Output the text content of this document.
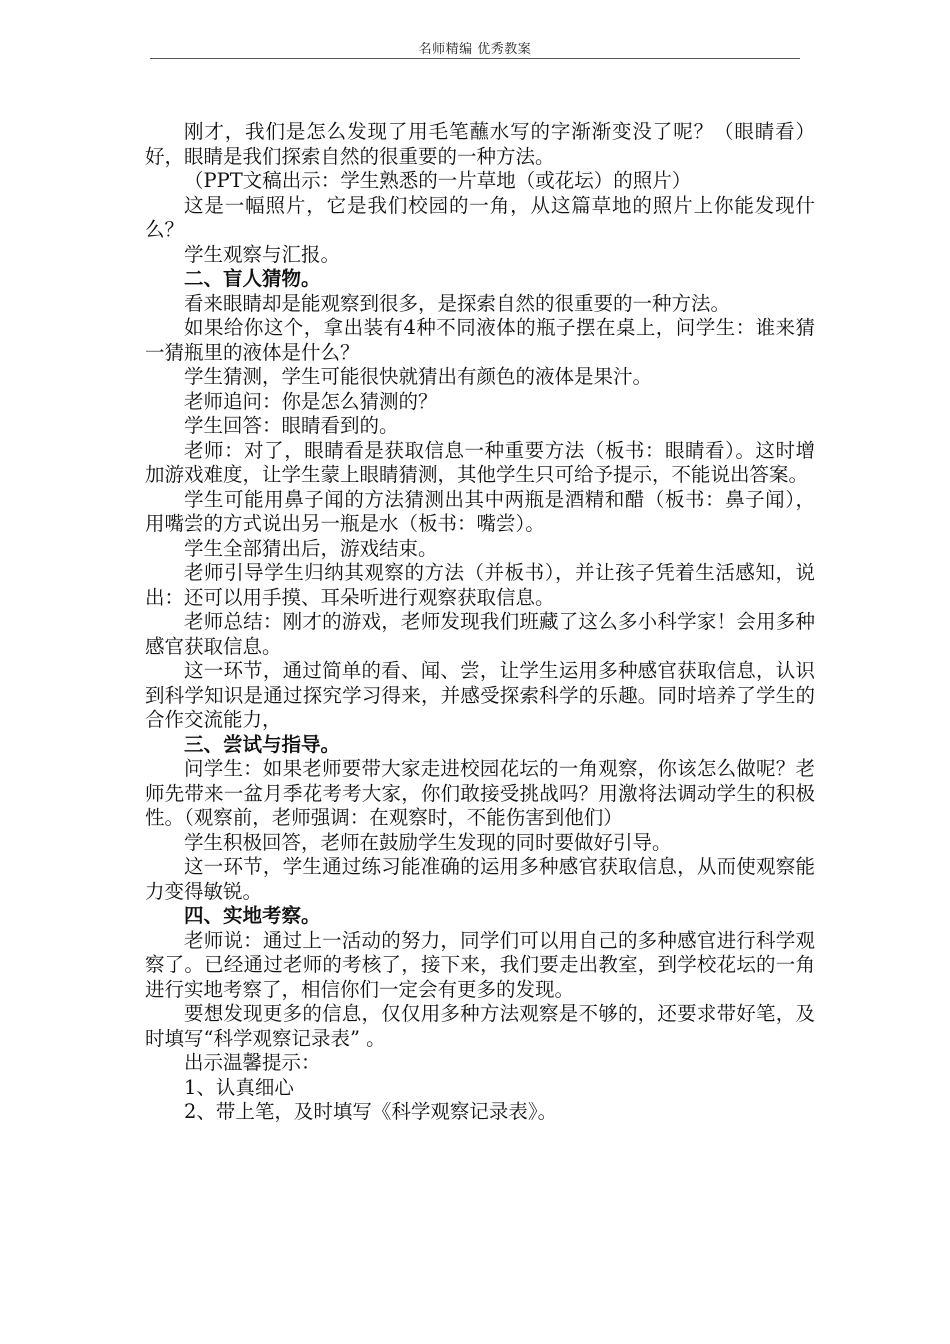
名师精编 优秀教案

刚才，我们是怎么发现了用毛笔蘸水写的字渐渐变没了呢？（眼睛看）好，眼睛是我们探索自然的很重要的一种方法。

（PPT文稿出示：学生熟悉的一片草地（或花坛）的照片）

这是一幅照片，它是我们校园的一角，从这篇草地的照片上你能发现什么？

学生观察与汇报。

二、盲人猜物。

看来眼睛却是能观察到很多，是探索自然的很重要的一种方法。

如果给你这个，拿出装有4种不同液体的瓶子摆在桌上，问学生：谁来猜一猜瓶里的液体是什么？

学生猜测，学生可能很快就猜出有颜色的液体是果汁。

老师追问：你是怎么猜测的？

学生回答：眼睛看到的。

老师：对了，眼睛看是获取信息一种重要方法（板书：眼睛看）。这时增加游戏难度，让学生蒙上眼睛猜测，其他学生只可给予提示，不能说出答案。

学生可能用鼻子闻的方法猜测出其中两瓶是酒精和醋（板书：鼻子闻），用嘴尝的方式说出另一瓶是水（板书：嘴尝）。

学生全部猜出后，游戏结束。

老师引导学生归纳其观察的方法（并板书），并让孩子凭着生活感知，说出：还可以用手摸、耳朵听进行观察获取信息。

老师总结：刚才的游戏，老师发现我们班藏了这么多小科学家！会用多种感官获取信息。

这一环节，通过简单的看、闻、尝，让学生运用多种感官获取信息，认识到科学知识是通过探究学习得来，并感受探索科学的乐趣。同时培养了学生的合作交流能力，

三、尝试与指导。

问学生：如果老师要带大家走进校园花坛的一角观察，你该怎么做呢？老师先带来一盆月季花考考大家，你们敢接受挑战吗？用激将法调动学生的积极性。（观察前，老师强调：在观察时，不能伤害到他们）

学生积极回答，老师在鼓励学生发现的同时要做好引导。

这一环节，学生通过练习能准确的运用多种感官获取信息，从而使观察能力变得敏锐。

四、实地考察。

老师说：通过上一活动的努力，同学们可以用自己的多种感官进行科学观察了。已经通过老师的考核了，接下来，我们要走出教室，到学校花坛的一角进行实地考察了，相信你们一定会有更多的发现。

要想发现更多的信息，仅仅用多种方法观察是不够的，还要求带好笔，及时填写“科学观察记录表” 。

出示温馨提示：

1、认真细心

2、带上笔，及时填写《科学观察记录表》。
